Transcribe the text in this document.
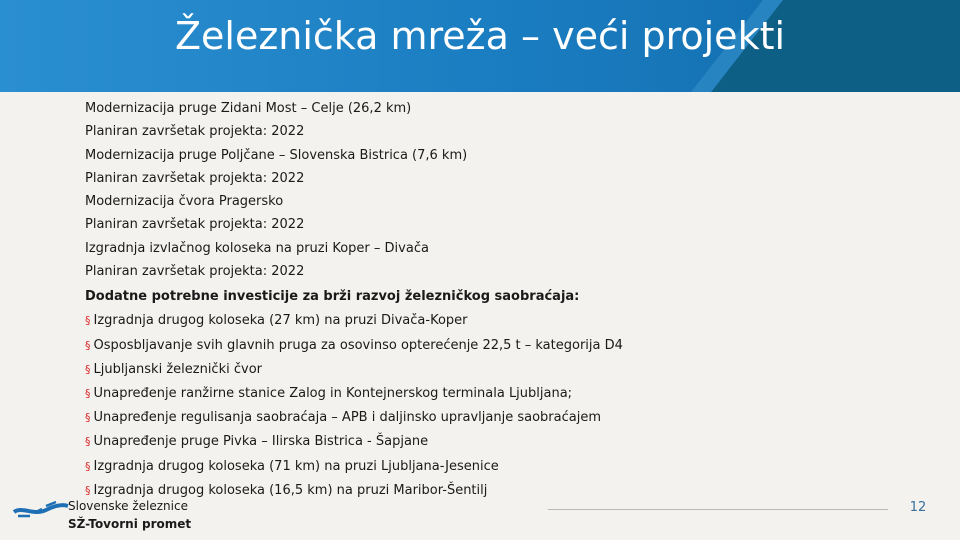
Železnička mreža – veći projekti
Modernizacija pruge Zidani Most – Celje (26,2 km)
Planiran završetak projekta: 2022
Modernizacija pruge Poljčane – Slovenska Bistrica (7,6 km)
Planiran završetak projekta: 2022
Modernizacija čvora Pragersko
Planiran završetak projekta: 2022
Izgradnja izvlačnog koloseka na pruzi Koper – Divača
Planiran završetak projekta: 2022
Dodatne potrebne investicije za brži razvoj železničkog saobraćaja:
§ Izgradnja drugog koloseka (27 km) na pruzi Divača-Koper
§ Osposbljavanje svih glavnih pruga za osovinso opterećenje 22,5 t – kategorija D4
§ Ljubljanski železnički čvor
§ Unapređenje ranžirne stanice Zalog in Kontejnerskog terminala Ljubljana;
§ Unapređenje regulisanja saobraćaja – APB i daljinsko upravljanje saobraćajem
§ Unapređenje pruge Pivka – Ilirska Bistrica - Šapjane
§ Izgradnja drugog koloseka (71 km) na pruzi Ljubljana-Jesenice
§ Izgradnja drugog koloseka (16,5 km) na pruzi Maribor-Šentilj
Slovenske železnice
SŽ-Tovorni promet
12
